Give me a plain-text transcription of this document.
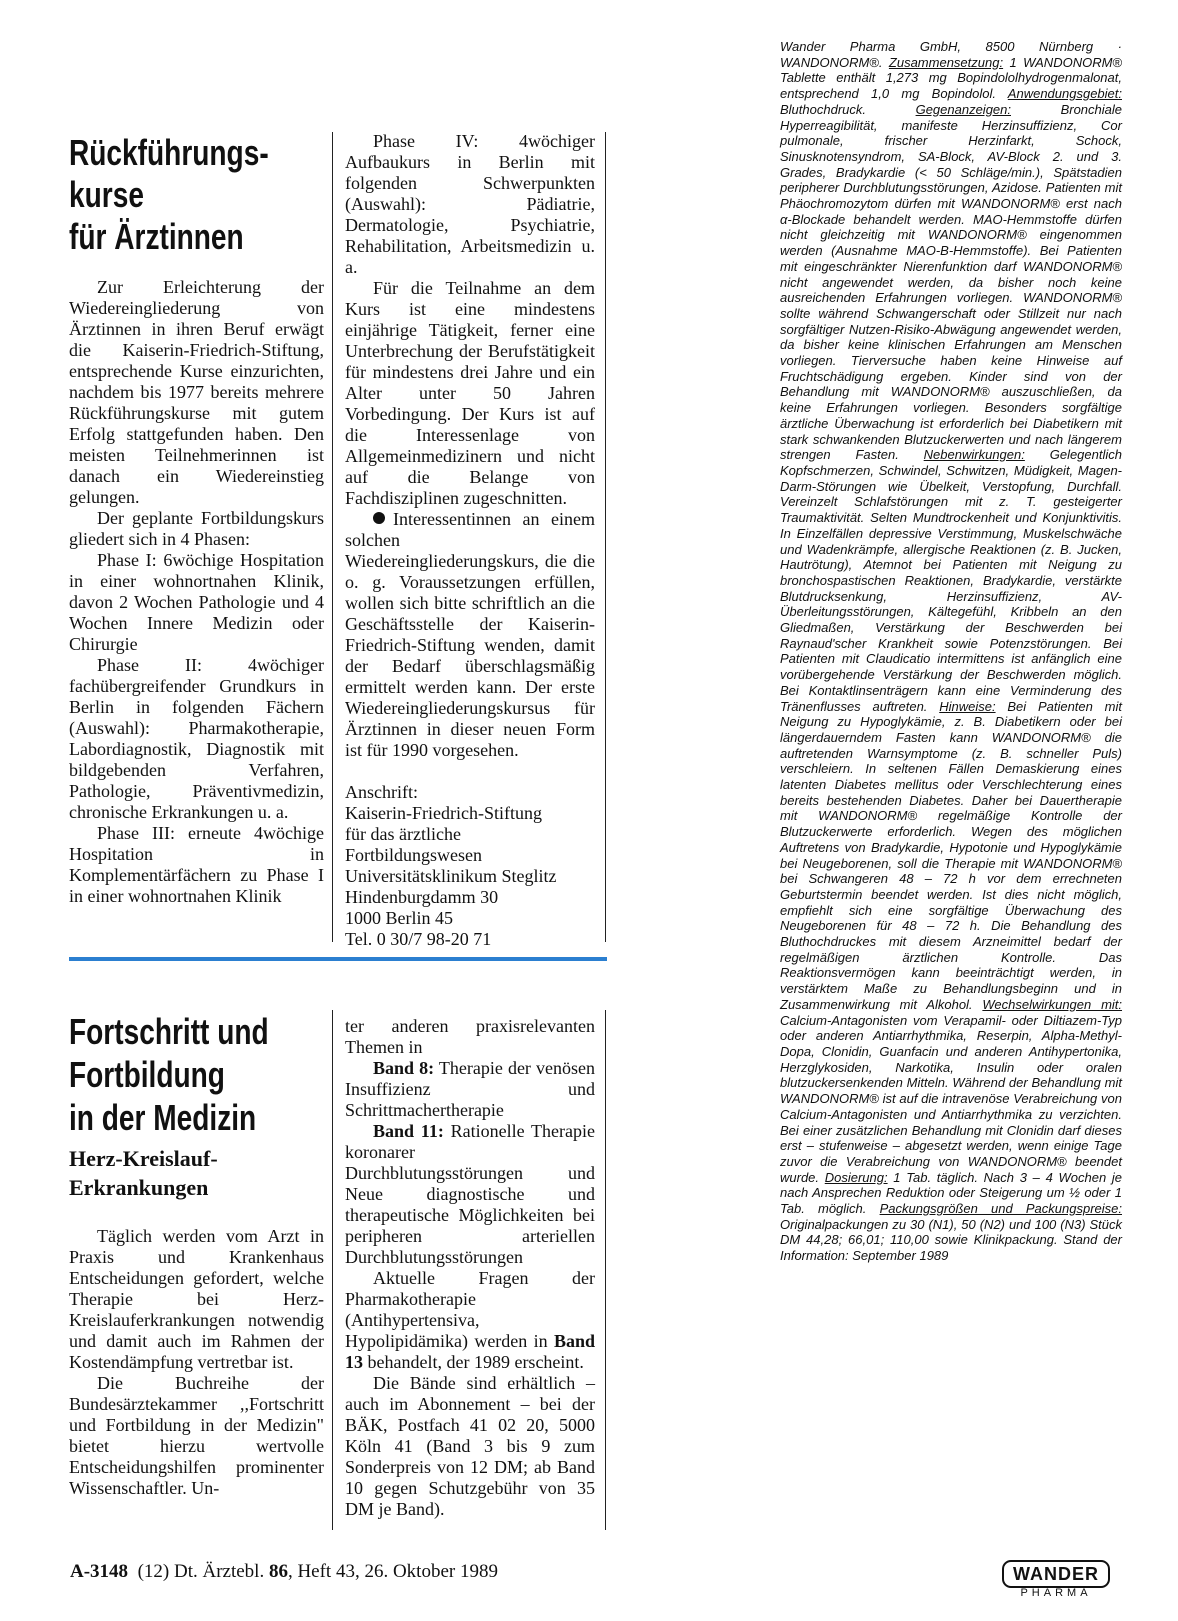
Rückführungs-
kurse
für Ärztinnen

Zur Erleichterung der Wiedereingliederung von Ärztinnen in ihren Beruf erwägt die Kaiserin-Friedrich-Stiftung, entsprechende Kurse einzurichten, nachdem bis 1977 bereits mehrere Rückführungskurse mit gutem Erfolg stattgefunden haben. Den meisten Teilnehmerinnen ist danach ein Wiedereinstieg gelungen.

Der geplante Fortbildungskurs gliedert sich in 4 Phasen:

Phase I: 6wöchige Hospitation in einer wohnortnahen Klinik, davon 2 Wochen Pathologie und 4 Wochen Innere Medizin oder Chirurgie

Phase II: 4wöchiger fachübergreifender Grundkurs in Berlin in folgenden Fächern (Auswahl): Pharmakotherapie, Labordiagnostik, Diagnostik mit bildgebenden Verfahren, Pathologie, Präventivmedizin, chronische Erkrankungen u. a.

Phase III: erneute 4wöchige Hospitation in Komplementärfächern zu Phase I in einer wohnortnahen Klinik

Phase IV: 4wöchiger Aufbaukurs in Berlin mit folgenden Schwerpunkten (Auswahl): Pädiatrie, Dermatologie, Psychiatrie, Rehabilitation, Arbeitsmedizin u. a.

Für die Teilnahme an dem Kurs ist eine mindestens einjährige Tätigkeit, ferner eine Unterbrechung der Berufstätigkeit für mindestens drei Jahre und ein Alter unter 50 Jahren Vorbedingung. Der Kurs ist auf die Interessenlage von Allgemeinmedizinern und nicht auf die Belange von Fachdisziplinen zugeschnitten.

Interessentinnen an einem solchen Wiedereingliederungskurs, die die o. g. Voraussetzungen erfüllen, wollen sich bitte schriftlich an die Geschäftsstelle der Kaiserin-Friedrich-Stiftung wenden, damit der Bedarf überschlagsmäßig ermittelt werden kann. Der erste Wiedereingliederungskursus für Ärztinnen in dieser neuen Form ist für 1990 vorgesehen.

Anschrift:

Kaiserin-Friedrich-Stiftung

für das ärztliche Fortbildungswesen

Universitätsklinikum Steglitz

Hindenburgdamm 30

1000 Berlin 45

Tel. 0 30/7 98-20 71

Fortschritt und
Fortbildung
in der Medizin
Herz-Kreislauf-
Erkrankungen

Täglich werden vom Arzt in Praxis und Krankenhaus Entscheidungen gefordert, welche Therapie bei Herz-Kreislauferkrankungen notwendig und damit auch im Rahmen der Kostendämpfung vertretbar ist.

Die Buchreihe der Bundesärztekammer ,,Fortschritt und Fortbildung in der Medizin" bietet hierzu wertvolle Entscheidungshilfen prominenter Wissenschaftler. Un-

ter anderen praxisrelevanten Themen in

Band 8: Therapie der venösen Insuffizienz und Schrittmachertherapie

Band 11: Rationelle Therapie koronarer Durchblutungsstörungen und Neue diagnostische und therapeutische Möglichkeiten bei peripheren arteriellen Durchblutungsstörungen

Aktuelle Fragen der Pharmakotherapie (Antihypertensiva, Hypolipidämika) werden in Band 13 behandelt, der 1989 erscheint.

Die Bände sind erhältlich – auch im Abonnement – bei der BÄK, Postfach 41 02 20, 5000 Köln 41 (Band 3 bis 9 zum Sonderpreis von 12 DM; ab Band 10 gegen Schutzgebühr von 35 DM je Band).

Wander Pharma GmbH, 8500 Nürnberg · WANDONORM®. Zusammensetzung: 1 WANDONORM® Tablette enthält 1,273 mg Bopindololhydrogenmalonat, entsprechend 1,0 mg Bopindolol. Anwendungsgebiet: Bluthochdruck. Gegenanzeigen: Bronchiale Hyperreagibilität, manifeste Herzinsuffizienz, Cor pulmonale, frischer Herzinfarkt, Schock, Sinusknotensyndrom, SA-Block, AV-Block 2. und 3. Grades, Bradykardie (< 50 Schläge/min.), Spätstadien peripherer Durchblutungsstörungen, Azidose. Patienten mit Phäochromozytom dürfen mit WANDONORM® erst nach α-Blockade behandelt werden. MAO-Hemmstoffe dürfen nicht gleichzeitig mit WANDONORM® eingenommen werden (Ausnahme MAO-B-Hemmstoffe). Bei Patienten mit eingeschränkter Nierenfunktion darf WANDONORM® nicht angewendet werden, da bisher noch keine ausreichenden Erfahrungen vorliegen. WANDONORM® sollte während Schwangerschaft oder Stillzeit nur nach sorgfältiger Nutzen-Risiko-Abwägung angewendet werden, da bisher keine klinischen Erfahrungen am Menschen vorliegen. Tierversuche haben keine Hinweise auf Fruchtschädigung ergeben. Kinder sind von der Behandlung mit WANDONORM® auszuschließen, da keine Erfahrungen vorliegen. Besonders sorgfältige ärztliche Überwachung ist erforderlich bei Diabetikern mit stark schwankenden Blutzuckerwerten und nach längerem strengen Fasten. Nebenwirkungen: Gelegentlich Kopfschmerzen, Schwindel, Schwitzen, Müdigkeit, Magen-Darm-Störungen wie Übelkeit, Verstopfung, Durchfall. Vereinzelt Schlafstörungen mit z. T. gesteigerter Traumaktivität. Selten Mundtrockenheit und Konjunktivitis. In Einzelfällen depressive Verstimmung, Muskelschwäche und Wadenkrämpfe, allergische Reaktionen (z. B. Jucken, Hautrötung), Atemnot bei Patienten mit Neigung zu bronchospastischen Reaktionen, Bradykardie, verstärkte Blutdrucksenkung, Herzinsuffizienz, AV-Überleitungsstörungen, Kältegefühl, Kribbeln an den Gliedmaßen, Verstärkung der Beschwerden bei Raynaud'scher Krankheit sowie Potenzstörungen. Bei Patienten mit Claudicatio intermittens ist anfänglich eine vorübergehende Verstärkung der Beschwerden möglich. Bei Kontaktlinsenträgern kann eine Verminderung des Tränenflusses auftreten. Hinweise: Bei Patienten mit Neigung zu Hypoglykämie, z. B. Diabetikern oder bei längerdauerndem Fasten kann WANDONORM® die auftretenden Warnsymptome (z. B. schneller Puls) verschleiern. In seltenen Fällen Demaskierung eines latenten Diabetes mellitus oder Verschlechterung eines bereits bestehenden Diabetes. Daher bei Dauertherapie mit WANDONORM® regelmäßige Kontrolle der Blutzuckerwerte erforderlich. Wegen des möglichen Auftretens von Bradykardie, Hypotonie und Hypoglykämie bei Neugeborenen, soll die Therapie mit WANDONORM® bei Schwangeren 48 – 72 h vor dem errechneten Geburtstermin beendet werden. Ist dies nicht möglich, empfiehlt sich eine sorgfältige Überwachung des Neugeborenen für 48 – 72 h. Die Behandlung des Bluthochdruckes mit diesem Arzneimittel bedarf der regelmäßigen ärztlichen Kontrolle. Das Reaktionsvermögen kann beeinträchtigt werden, in verstärktem Maße zu Behandlungsbeginn und in Zusammenwirkung mit Alkohol. Wechselwirkungen mit: Calcium-Antagonisten vom Verapamil- oder Diltiazem-Typ oder anderen Antiarrhythmika, Reserpin, Alpha-Methyl-Dopa, Clonidin, Guanfacin und anderen Antihypertonika, Herzglykosiden, Narkotika, Insulin oder oralen blutzuckersenkenden Mitteln. Während der Behandlung mit WANDONORM® ist auf die intravenöse Verabreichung von Calcium-Antagonisten und Antiarrhythmika zu verzichten. Bei einer zusätzlichen Behandlung mit Clonidin darf dieses erst – stufenweise – abgesetzt werden, wenn einige Tage zuvor die Verabreichung von WANDONORM® beendet wurde. Dosierung: 1 Tab. täglich. Nach 3 – 4 Wochen je nach Ansprechen Reduktion oder Steigerung um ½ oder 1 Tab. möglich. Packungsgrößen und Packungspreise: Originalpackungen zu 30 (N1), 50 (N2) und 100 (N3) Stück DM 44,28; 66,01; 110,00 sowie Klinikpackung. Stand der Information: September 1989
WANDER
PHARMA
A-3148  (12) Dt. Ärztebl. 86, Heft 43, 26. Oktober 1989
